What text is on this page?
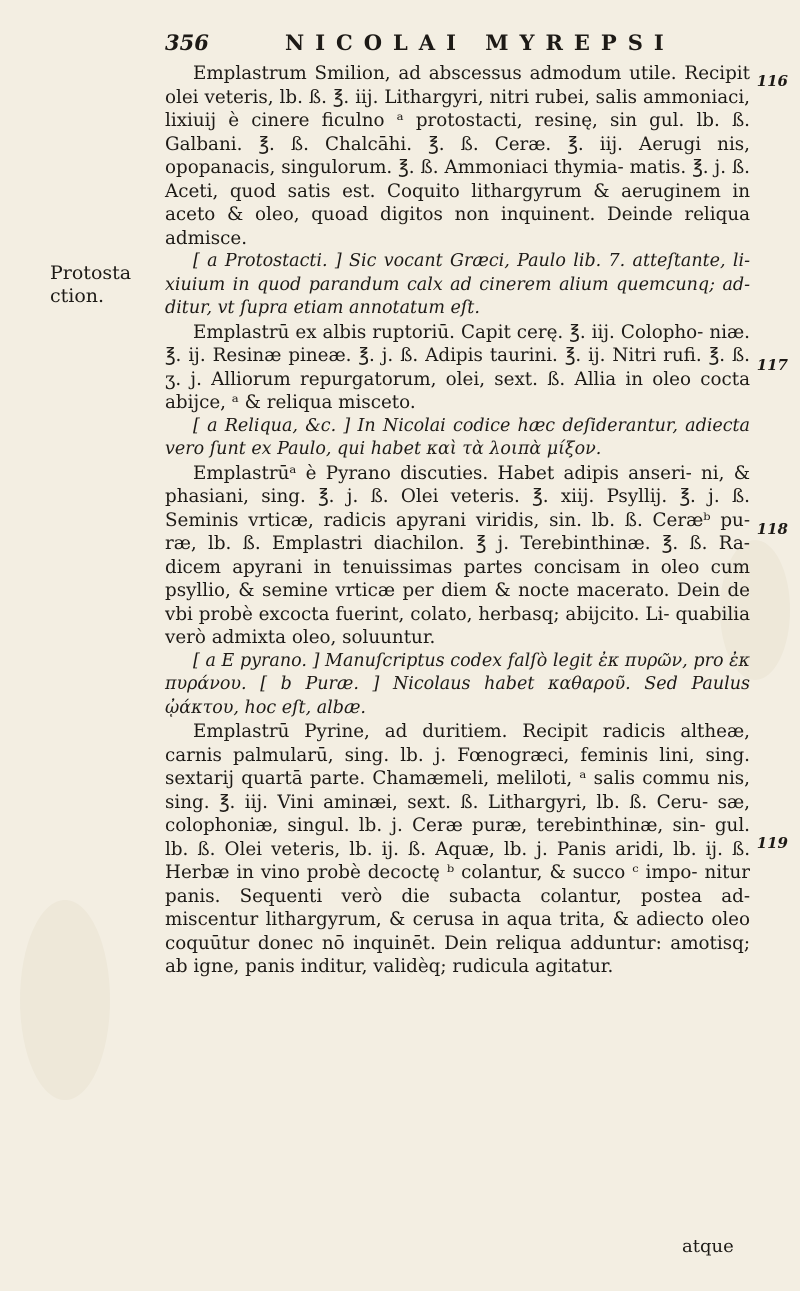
356	NICOLAI MYREPSI
Protosta ction.
116
117
118
119

Emplastrum Smilion, ad abscessus admodum utile. Recipit olei veteris, lb. ß. ℥. iij. Lithargyri, nitri rubei, salis ammoniaci, lixiuij è cinere ficulno ᵃ protostacti, resinę, sin gul. lb. ß. Galbani. ℥. ß. Chalcāhi. ℥. ß. Ceræ. ℥. iij. Aerugi nis, opopanacis, singulorum. ℥. ß. Ammoniaci thymia- matis. ℥. j. ß. Aceti, quod satis est. Coquito lithargyrum & aeruginem in aceto & oleo, quoad digitos non inquinent. Deinde reliqua admisce.

[ a Protostacti. ] Sic vocant Græci, Paulo lib. 7. atteſtante, li- xiuium in quod parandum calx ad cinerem alium quemcunq; ad- ditur, vt ſupra etiam annotatum eſt.

Emplastrū ex albis ruptoriū. Capit cerę. ℥. iij. Colopho- niæ. ℥. ij. Resinæ pineæ. ℥. j. ß. Adipis taurini. ℥. ij. Nitri rufi. ℥. ß. ʒ. j. Alliorum repurgatorum, olei, sext. ß. Allia in oleo cocta abijce, ᵃ & reliqua misceto.

[ a Reliqua, &c. ] In Nicolai codice hæc deſiderantur, adiecta vero ſunt ex Paulo, qui habet καὶ τὰ λοιπὰ μίξον.

Emplastrūᵃ è Pyrano discuties. Habet adipis anseri- ni, & phasiani, sing. ℥. j. ß. Olei veteris. ℥. xiij. Psyllij. ℥. j. ß. Seminis vrticæ, radicis apyrani viridis, sin. lb. ß. Ceræᵇ pu- ræ, lb. ß. Emplastri diachilon. ℥ j. Terebinthinæ. ℥. ß. Ra- dicem apyrani in tenuissimas partes concisam in oleo cum psyllio, & semine vrticæ per diem & nocte macerato. Dein de vbi probè excocta fuerint, colato, herbasq; abijcito. Li- quabilia verò admixta oleo, soluuntur.

[ a E pyrano. ] Manuſcriptus codex falſò legit ἐκ πυρῶν, pro ἐκ πυράνου. [ b Puræ. ] Nicolaus habet καθαροῦ. Sed Paulus ᾠάκτου, hoc eſt, albæ.

Emplastrū Pyrine, ad duritiem. Recipit radicis altheæ, carnis palmularū, sing. lb. j. Fœnogræci, feminis lini, sing. sextarij quartā parte. Chamæmeli, meliloti, ᵃ salis commu nis, sing. ℥. iij. Vini aminæi, sext. ß. Lithargyri, lb. ß. Ceru- sæ, colophoniæ, singul. lb. j. Ceræ puræ, terebinthinæ, sin- gul. lb. ß. Olei veteris, lb. ij. ß. Aquæ, lb. j. Panis aridi, lb. ij. ß. Herbæ in vino probè decoctę ᵇ colantur, & succo ᶜ impo- nitur panis. Sequenti verò die subacta colantur, postea ad- miscentur lithargyrum, & cerusa in aqua trita, & adiecto oleo coquūtur donec nō inquinēt. Dein reliqua adduntur: amotisq; ab igne, panis inditur, validèq; rudicula agitatur.

atque
